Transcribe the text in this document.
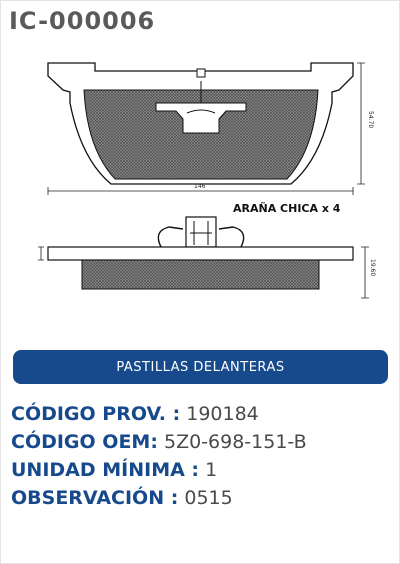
IC-000006
146
54.70
ARAÑA CHICA x 4
19.60
PASTILLAS DELANTERAS
CÓDIGO PROV. : 190184
CÓDIGO OEM: 5Z0-698-151-B
UNIDAD MÍNIMA : 1
OBSERVACIÓN : 0515
